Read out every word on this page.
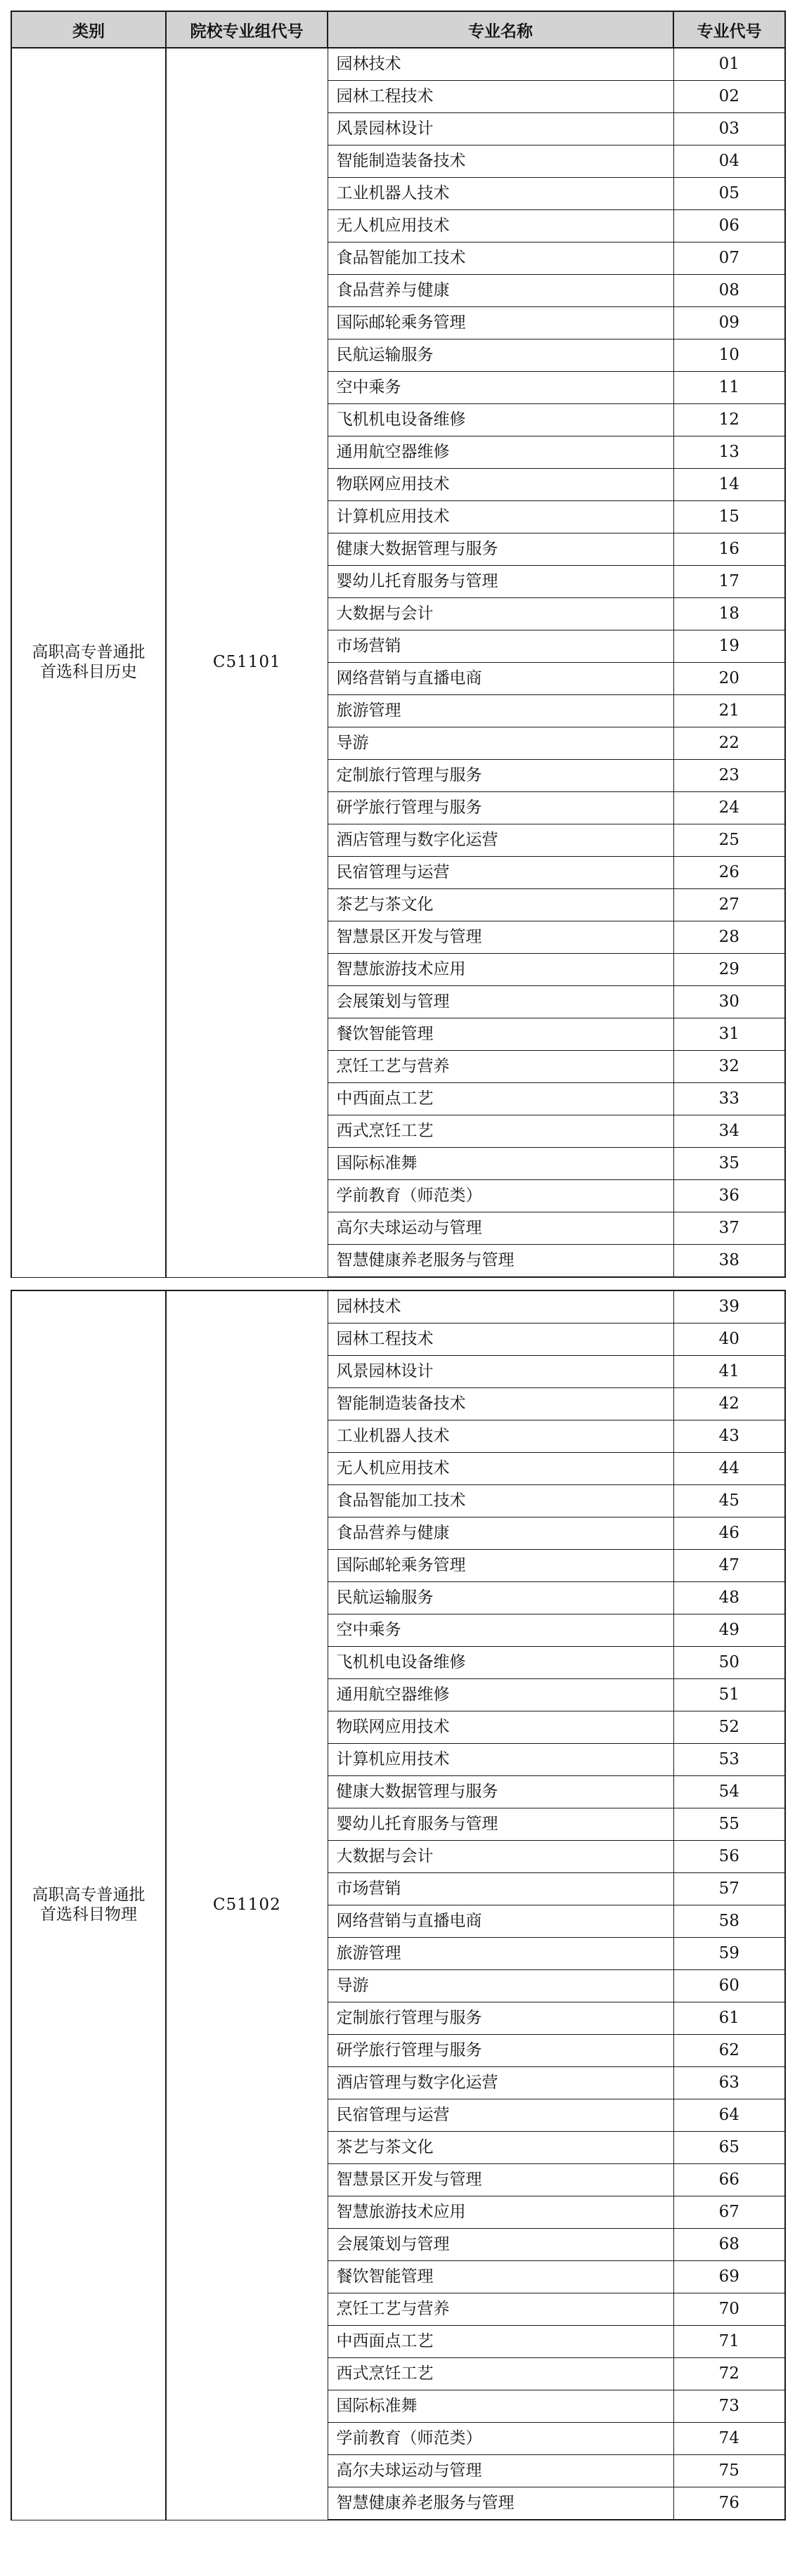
类别	院校专业组代号	专业名称	专业代号
高职高专普通批首选科目历史	C51101	园林技术	01
		园林工程技术	02
		风景园林设计	03
		智能制造装备技术	04
		工业机器人技术	05
		无人机应用技术	06
		食品智能加工技术	07
		食品营养与健康	08
		国际邮轮乘务管理	09
		民航运输服务	10
		空中乘务	11
		飞机机电设备维修	12
		通用航空器维修	13
		物联网应用技术	14
		计算机应用技术	15
		健康大数据管理与服务	16
		婴幼儿托育服务与管理	17
		大数据与会计	18
		市场营销	19
		网络营销与直播电商	20
		旅游管理	21
		导游	22
		定制旅行管理与服务	23
		研学旅行管理与服务	24
		酒店管理与数字化运营	25
		民宿管理与运营	26
		茶艺与茶文化	27
		智慧景区开发与管理	28
		智慧旅游技术应用	29
		会展策划与管理	30
		餐饮智能管理	31
		烹饪工艺与营养	32
		中西面点工艺	33
		西式烹饪工艺	34
		国际标准舞	35
		学前教育（师范类）	36
		高尔夫球运动与管理	37
		智慧健康养老服务与管理	38
高职高专普通批首选科目物理	C51102	园林技术	39
		园林工程技术	40
		风景园林设计	41
		智能制造装备技术	42
		工业机器人技术	43
		无人机应用技术	44
		食品智能加工技术	45
		食品营养与健康	46
		国际邮轮乘务管理	47
		民航运输服务	48
		空中乘务	49
		飞机机电设备维修	50
		通用航空器维修	51
		物联网应用技术	52
		计算机应用技术	53
		健康大数据管理与服务	54
		婴幼儿托育服务与管理	55
		大数据与会计	56
		市场营销	57
		网络营销与直播电商	58
		旅游管理	59
		导游	60
		定制旅行管理与服务	61
		研学旅行管理与服务	62
		酒店管理与数字化运营	63
		民宿管理与运营	64
		茶艺与茶文化	65
		智慧景区开发与管理	66
		智慧旅游技术应用	67
		会展策划与管理	68
		餐饮智能管理	69
		烹饪工艺与营养	70
		中西面点工艺	71
		西式烹饪工艺	72
		国际标准舞	73
		学前教育（师范类）	74
		高尔夫球运动与管理	75
		智慧健康养老服务与管理	76
